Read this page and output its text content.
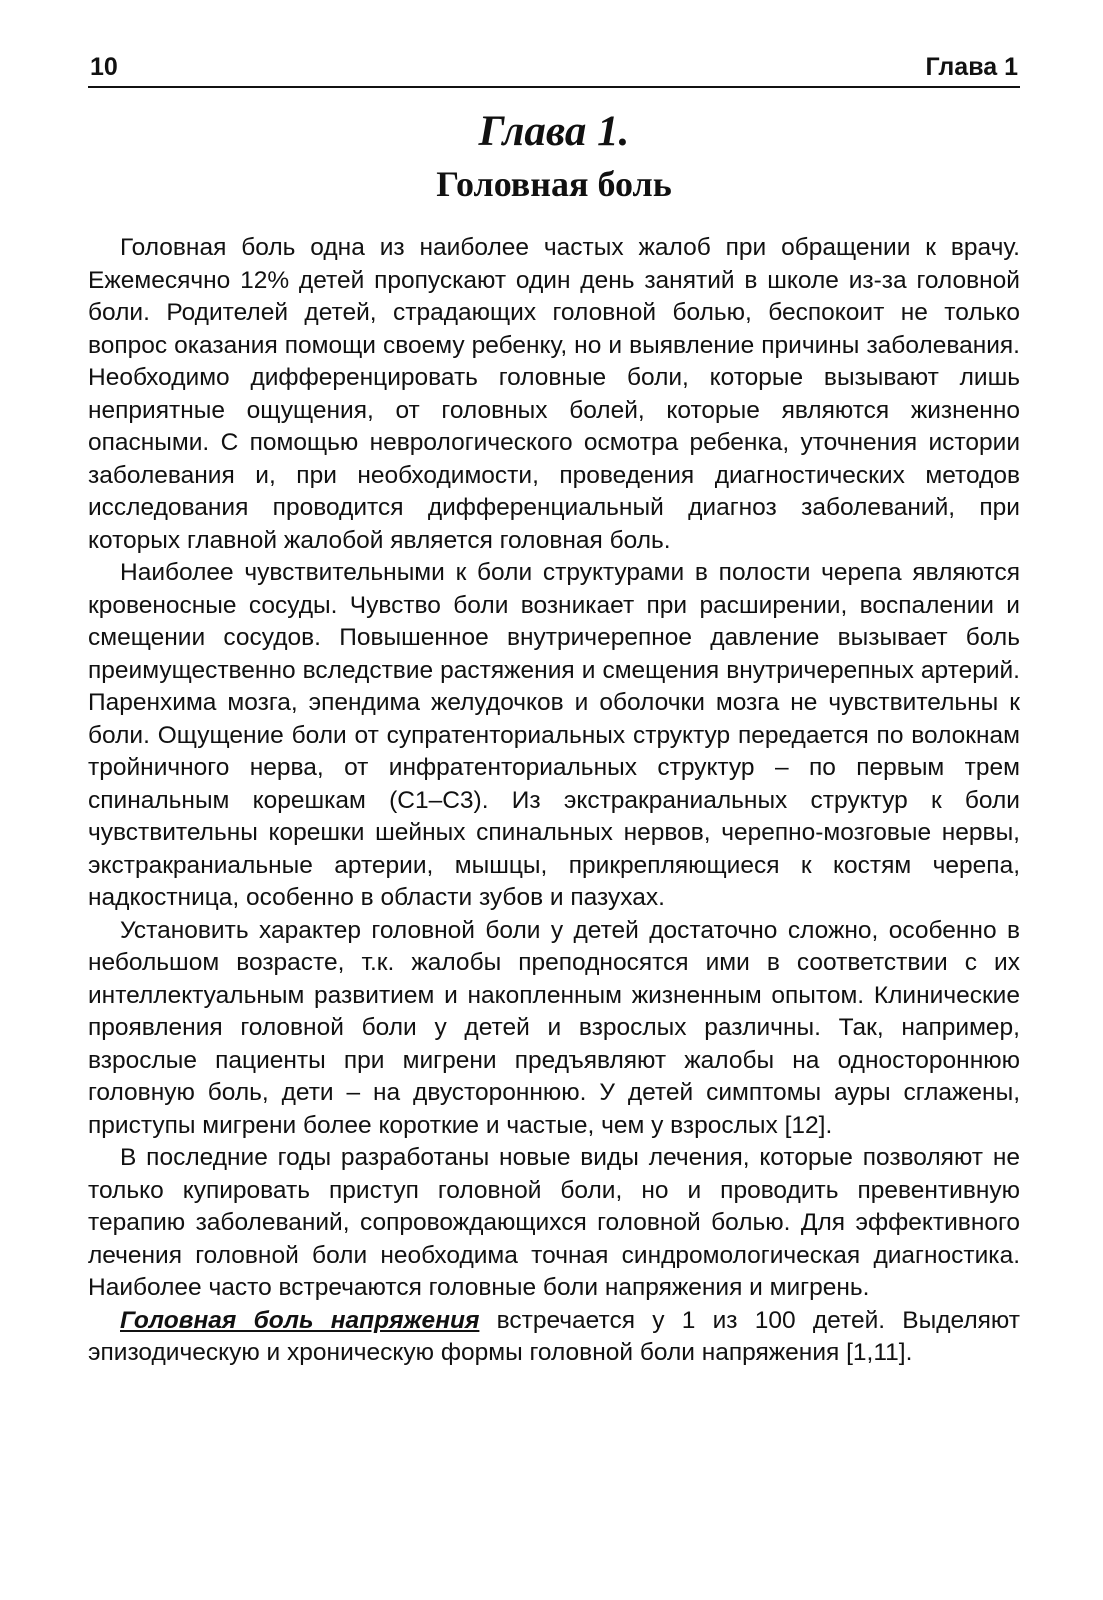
10	Глава 1
Глава 1.
Головная боль

Головная боль одна из наиболее частых жалоб при обращении к врачу. Ежемесячно 12% детей пропускают один день занятий в школе из-за головной боли. Родителей детей, страдающих головной болью, беспокоит не только вопрос оказания помощи своему ребенку, но и выявление причины заболевания. Необходимо дифференцировать головные боли, которые вызывают лишь неприятные ощущения, от головных болей, которые являются жизненно опасными. С помощью неврологического осмотра ребенка, уточнения истории заболевания и, при необходимости, проведения диагностических методов исследования проводится дифференциальный диагноз заболеваний, при которых главной жалобой является головная боль.

Наиболее чувствительными к боли структурами в полости черепа являются кровеносные сосуды. Чувство боли возникает при расширении, воспалении и смещении сосудов. Повышенное внутричерепное давление вызывает боль преимущественно вследствие растяжения и смещения внутричерепных артерий. Паренхима мозга, эпендима желудочков и оболочки мозга не чувствительны к боли. Ощущение боли от супратенториальных структур передается по волокнам тройничного нерва, от инфратенториальных структур – по первым трем спинальным корешкам (С1–С3). Из экстракраниальных структур к боли чувствительны корешки шейных спинальных нервов, черепно-мозговые нервы, экстракраниальные артерии, мышцы, прикрепляющиеся к костям черепа, надкостница, особенно в области зубов и пазухах.

Установить характер головной боли у детей достаточно сложно, особенно в небольшом возрасте, т.к. жалобы преподносятся ими в соответствии с их интеллектуальным развитием и накопленным жизненным опытом. Клинические проявления головной боли у детей и взрослых различны. Так, например, взрослые пациенты при мигрени предъявляют жалобы на одностороннюю головную боль, дети – на двустороннюю. У детей симптомы ауры сглажены, приступы мигрени более короткие и частые, чем у взрослых [12].

В последние годы разработаны новые виды лечения, которые позволяют не только купировать приступ головной боли, но и проводить превентивную терапию заболеваний, сопровождающихся головной болью. Для эффективного лечения головной боли необходима точная синдромологическая диагностика. Наиболее часто встречаются головные боли напряжения и мигрень.

Головная боль напряжения встречается у 1 из 100 детей. Выделяют эпизодическую и хроническую формы головной боли напряжения [1,11].
